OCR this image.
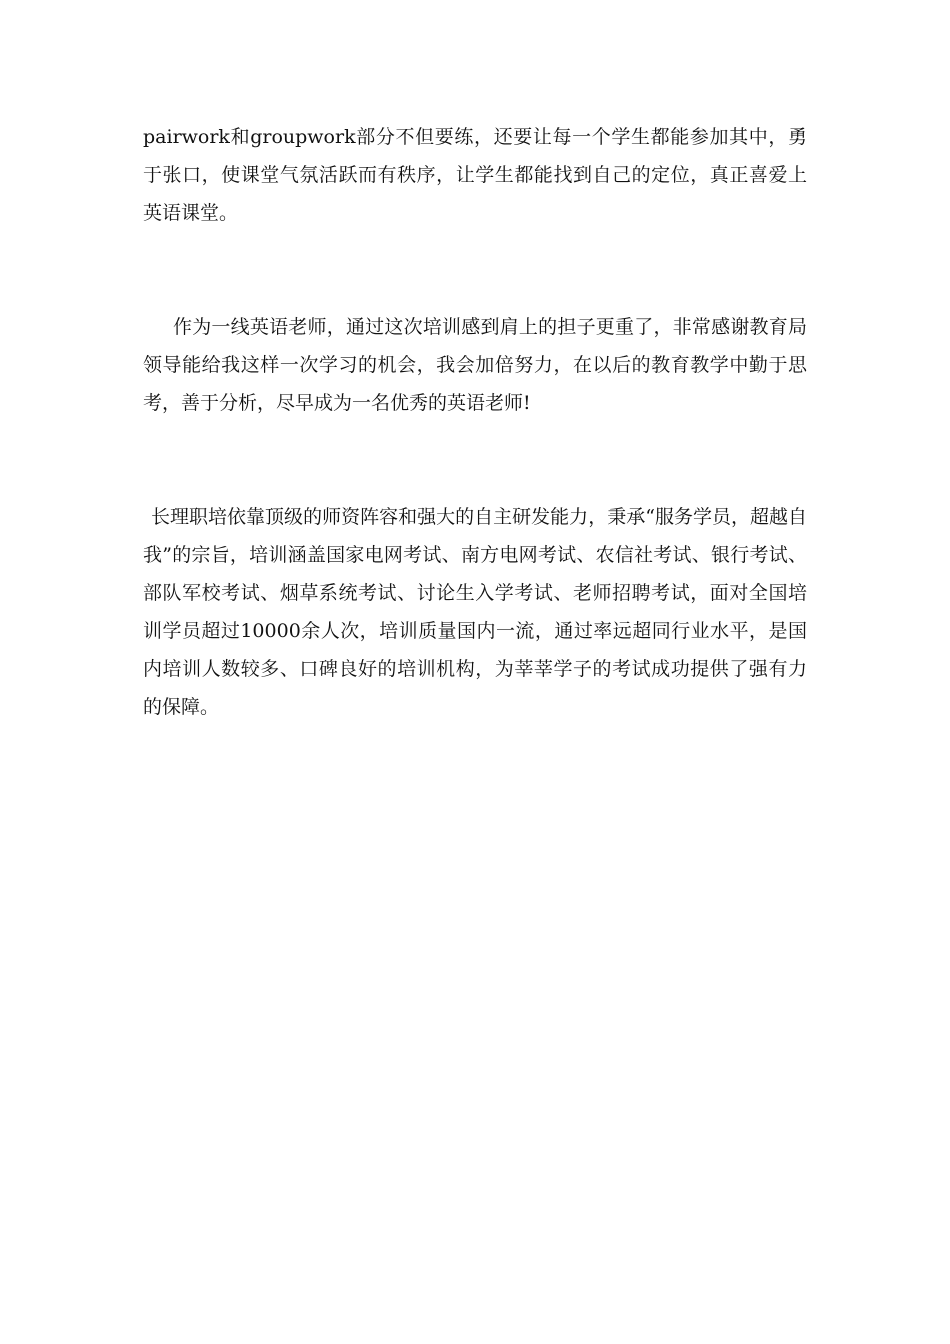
pairwork和groupwork部分不但要练，还要让每一个学生都能参加其中，勇于张口，使课堂气氛活跃而有秩序，让学生都能找到自己的定位，真正喜爱上英语课堂。

作为一线英语老师，通过这次培训感到肩上的担子更重了，非常感谢教育局领导能给我这样一次学习的机会，我会加倍努力，在以后的教育教学中勤于思考，善于分析，尽早成为一名优秀的英语老师!

长理职培依靠顶级的师资阵容和强大的自主研发能力，秉承“服务学员，超越自我”的宗旨，培训涵盖国家电网考试、南方电网考试、农信社考试、银行考试、部队军校考试、烟草系统考试、讨论生入学考试、老师招聘考试，面对全国培训学员超过10000余人次，培训质量国内一流，通过率远超同行业水平，是国内培训人数较多、口碑良好的培训机构，为莘莘学子的考试成功提供了强有力的保障。
